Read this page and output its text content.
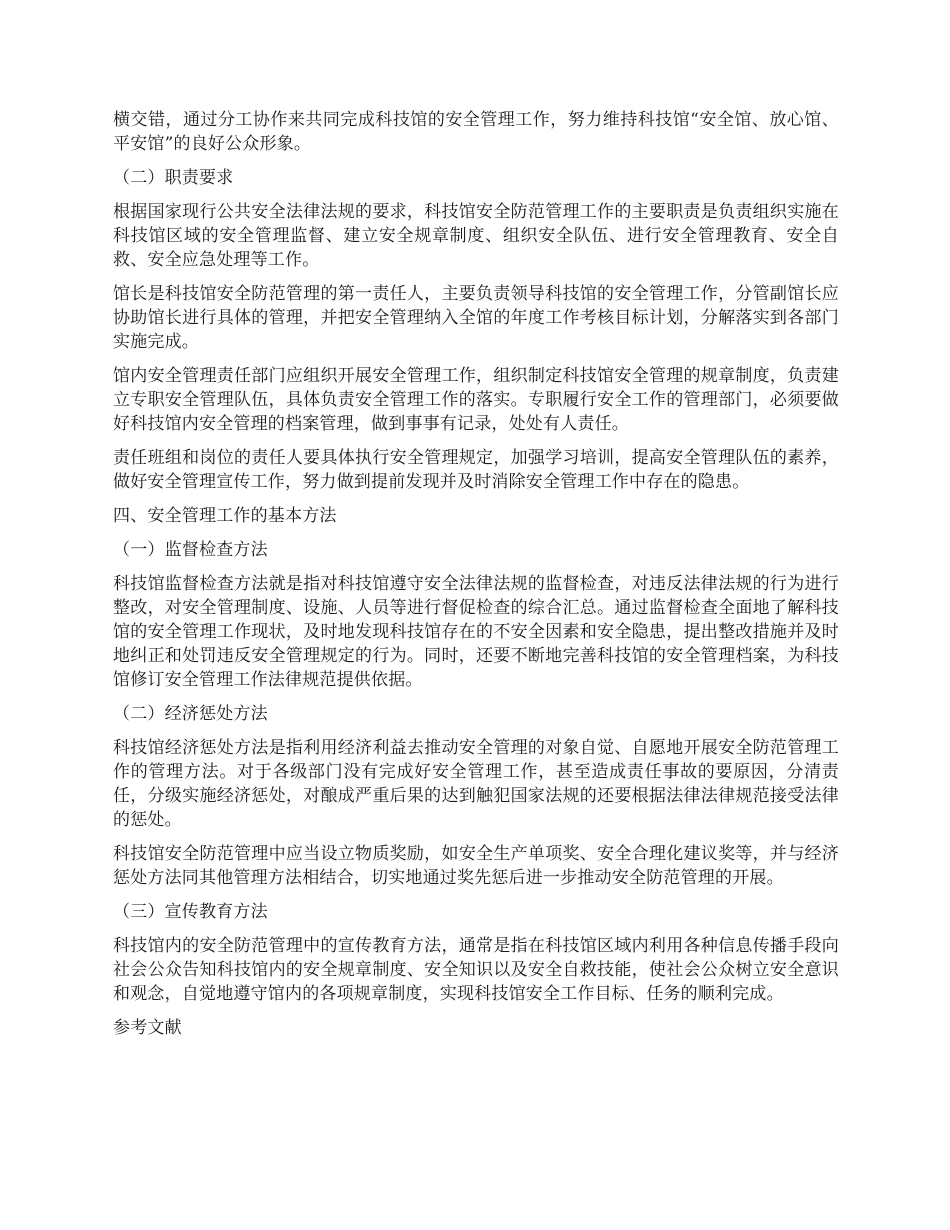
横交错，通过分工协作来共同完成科技馆的安全管理工作，努力维持科技馆“安全馆、放心馆、平安馆”的良好公众形象。

（二）职责要求

根据国家现行公共安全法律法规的要求，科技馆安全防范管理工作的主要职责是负责组织实施在科技馆区域的安全管理监督、建立安全规章制度、组织安全队伍、进行安全管理教育、安全自救、安全应急处理等工作。

馆长是科技馆安全防范管理的第一责任人，主要负责领导科技馆的安全管理工作，分管副馆长应协助馆长进行具体的管理，并把安全管理纳入全馆的年度工作考核目标计划，分解落实到各部门实施完成。

馆内安全管理责任部门应组织开展安全管理工作，组织制定科技馆安全管理的规章制度，负责建立专职安全管理队伍，具体负责安全管理工作的落实。专职履行安全工作的管理部门，必须要做好科技馆内安全管理的档案管理，做到事事有记录，处处有人责任。

责任班组和岗位的责任人要具体执行安全管理规定，加强学习培训，提高安全管理队伍的素养，做好安全管理宣传工作，努力做到提前发现并及时消除安全管理工作中存在的隐患。

四、安全管理工作的基本方法

（一）监督检查方法

科技馆监督检查方法就是指对科技馆遵守安全法律法规的监督检查，对违反法律法规的行为进行整改，对安全管理制度、设施、人员等进行督促检查的综合汇总。通过监督检查全面地了解科技馆的安全管理工作现状，及时地发现科技馆存在的不安全因素和安全隐患，提出整改措施并及时地纠正和处罚违反安全管理规定的行为。同时，还要不断地完善科技馆的安全管理档案，为科技馆修订安全管理工作法律规范提供依据。

（二）经济惩处方法

科技馆经济惩处方法是指利用经济利益去推动安全管理的对象自觉、自愿地开展安全防范管理工作的管理方法。对于各级部门没有完成好安全管理工作，甚至造成责任事故的要原因，分清责任，分级实施经济惩处，对酿成严重后果的达到触犯国家法规的还要根据法律法律规范接受法律的惩处。

科技馆安全防范管理中应当设立物质奖励，如安全生产单项奖、安全合理化建议奖等，并与经济惩处方法同其他管理方法相结合，切实地通过奖先惩后进一步推动安全防范管理的开展。

（三）宣传教育方法

科技馆内的安全防范管理中的宣传教育方法，通常是指在科技馆区域内利用各种信息传播手段向社会公众告知科技馆内的安全规章制度、安全知识以及安全自救技能，使社会公众树立安全意识和观念，自觉地遵守馆内的各项规章制度，实现科技馆安全工作目标、任务的顺利完成。

参考文献
